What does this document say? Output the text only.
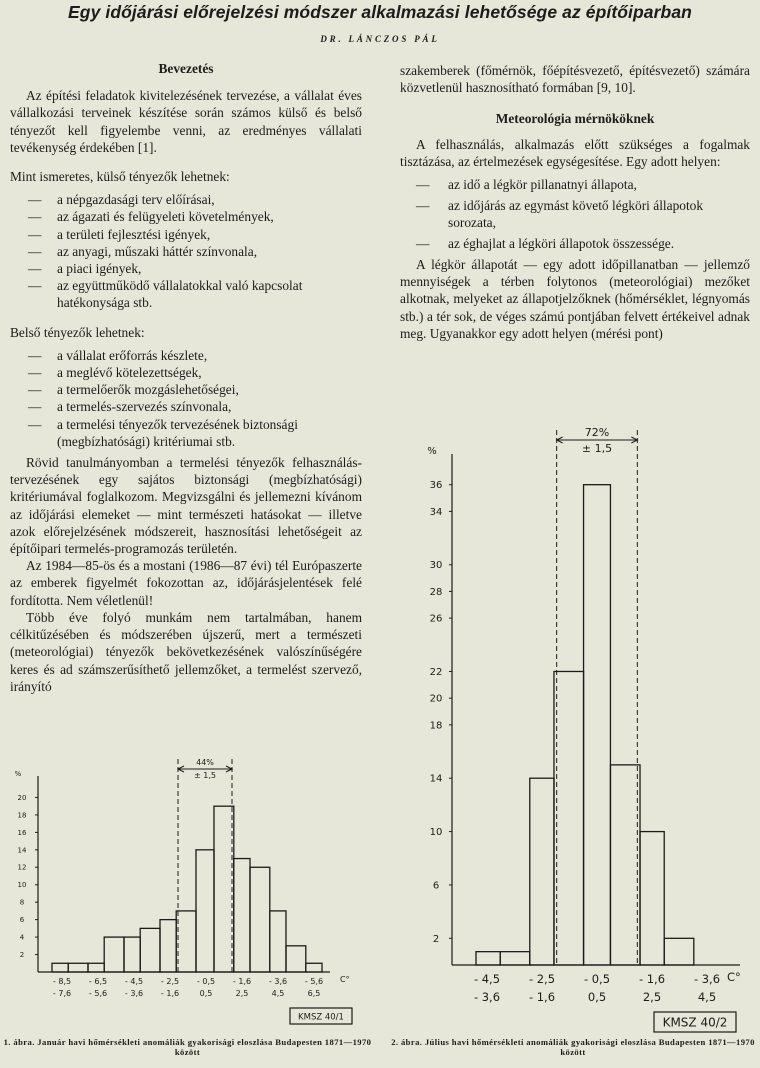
Egy időjárási előrejelzési módszer alkalmazási lehetősége az építőiparban
DR. LÁNCZOS PÁL
Bevezetés

Az építési feladatok kivitelezésének tervezése, a vállalat éves vállalkozási terveinek készítése során számos külső és belső tényezőt kell figyelembe venni, az eredményes vállalati tevékenység érdekében [1].

Mint ismeretes, külső tényezők lehetnek:

— a népgazdasági terv előírásai,
— az ágazati és felügyeleti követelmények,
— a területi fejlesztési igények,
— az anyagi, műszaki háttér színvonala,
— a piaci igények,
— az együttműködő vállalatokkal való kapcsolat hatékonysága stb.

Belső tényezők lehetnek:

— a vállalat erőforrás készlete,
— a meglévő kötelezettségek,
— a termelőerők mozgáslehetőségei,
— a termelés-szervezés színvonala,
— a termelési tényezők tervezésének biztonsági (megbízhatósági) kritériumai stb.

Rövid tanulmányomban a termelési tényezők felhasználás-tervezésének egy sajátos biztonsági (megbízhatósági) kritériumával foglalkozom. Megvizsgálni és jellemezni kívánom az időjárási elemeket — mint természeti hatásokat — illetve azok előrejelzésének módszereit, hasznosítási lehetőségeit az építőipari termelés-programozás területén.

Az 1984—85-ös és a mostani (1986—87 évi) tél Európaszerte az emberek figyelmét fokozottan az, időjárásjelentések felé fordította. Nem véletlenül!

Több éve folyó munkám nem tartalmában, hanem célkitűzésében és módszerében újszerű, mert a természeti (meteorológiai) tényezők bekövetkezésének valószínűségére keres és ad számszerűsíthető jellemzőket, a termelést szervező, irányító

szakemberek (főmérnök, főépítésvezető, építésvezető) számára közvetlenül hasznosítható formában [9, 10].

Meteorológia mérnököknek

A felhasználás, alkalmazás előtt szükséges a fogalmak tisztázása, az értelmezések egységesítése. Egy adott helyen:

— az idő a légkör pillanatnyi állapota,
— az időjárás az egymást követő légköri állapotok sorozata,
— az éghajlat a légköri állapotok összessége.

A légkör állapotát — egy adott időpillanatban — jellemző mennyiségek a térben folytonos (meteorológiai) mezőket alkotnak, melyeket az állapotjelzőknek (hőmérséklet, légnyomás stb.) a tér sok, de véges számú pontjában felvett értékeivel adnak meg. Ugyanakkor egy adott helyen (mérési pont)

%
2
4
6
8
10
12
14
16
18
20
44%
± 1,5
- 8,5 - 6,5 - 4,5 - 2,5 - 0,5 - 1,6 - 3,6 - 5,6 C°
- 7,6 - 5,6 - 3,6 - 1,6	0,5	2,5	4,5	6,5
KMSZ 40/1
1. ábra. Január havi hőmérsékleti anomáliák gyakorisági eloszlása Budapesten 1871—1970 között
%
2
6
10
14
18
20
22
26
28
30
34
36
72%
± 1,5
- 4,5	- 2,5	- 0,5	- 1,6	- 3,6 C°
- 3,6	- 1,6	0,5	2,5	4,5
KMSZ 40/2
2. ábra. Július havi hőmérsékleti anomáliák gyakorisági eloszlása Budapesten 1871—1970 között
